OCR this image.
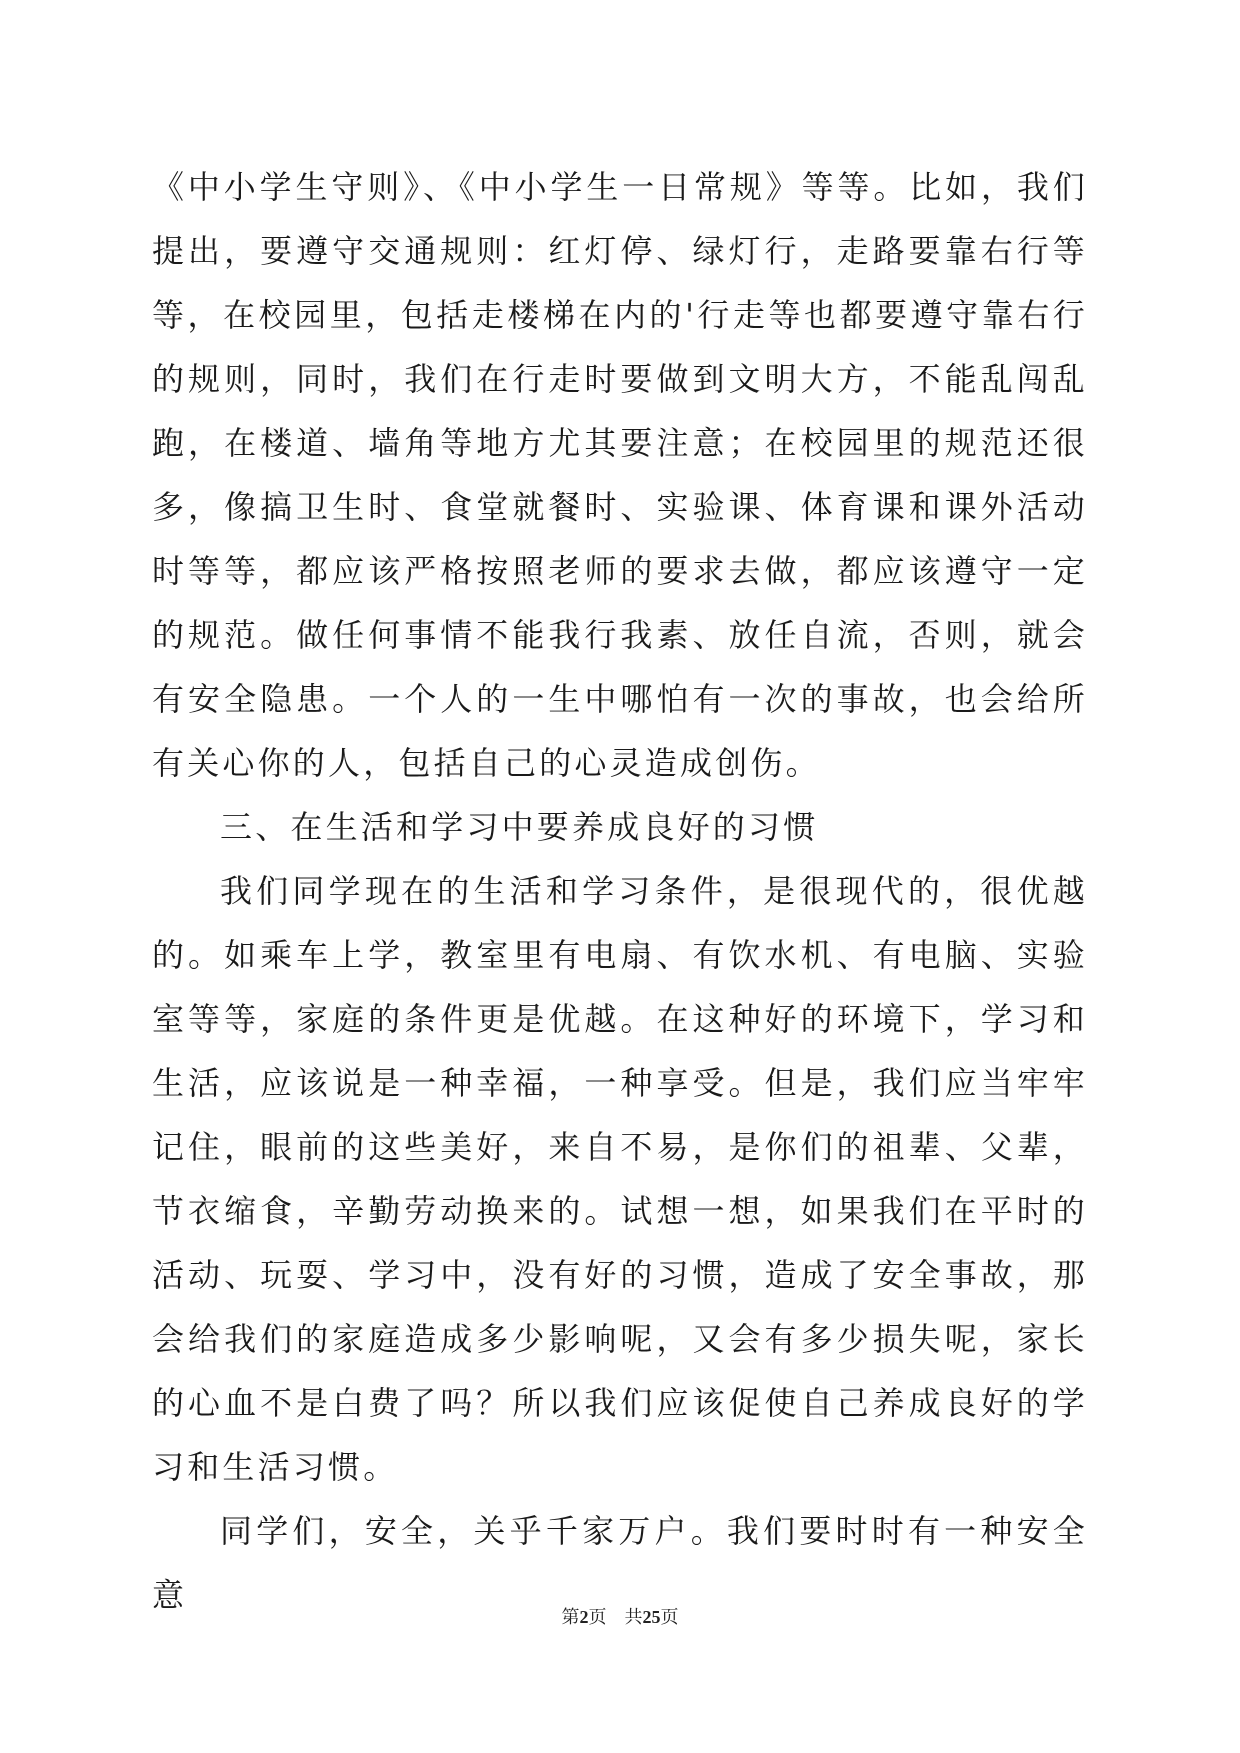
《中小学生守则》、《中小学生一日常规》等等。比如，我们提出，要遵守交通规则：红灯停、绿灯行，走路要靠右行等等，在校园里，包括走楼梯在内的'行走等也都要遵守靠右行的规则，同时，我们在行走时要做到文明大方，不能乱闯乱跑，在楼道、墙角等地方尤其要注意；在校园里的规范还很多，像搞卫生时、食堂就餐时、实验课、体育课和课外活动时等等，都应该严格按照老师的要求去做，都应该遵守一定的规范。做任何事情不能我行我素、放任自流，否则，就会有安全隐患。一个人的一生中哪怕有一次的事故，也会给所有关心你的人，包括自己的心灵造成创伤。

三、在生活和学习中要养成良好的习惯

我们同学现在的生活和学习条件，是很现代的，很优越的。如乘车上学，教室里有电扇、有饮水机、有电脑、实验室等等，家庭的条件更是优越。在这种好的环境下，学习和生活，应该说是一种幸福，一种享受。但是，我们应当牢牢记住，眼前的这些美好，来自不易，是你们的祖辈、父辈，节衣缩食，辛勤劳动换来的。试想一想，如果我们在平时的活动、玩耍、学习中，没有好的习惯，造成了安全事故，那会给我们的家庭造成多少影响呢，又会有多少损失呢，家长的心血不是白费了吗？所以我们应该促使自己养成良好的学习和生活习惯。

同学们，安全，关乎千家万户。我们要时时有一种安全意

第2页 共25页
